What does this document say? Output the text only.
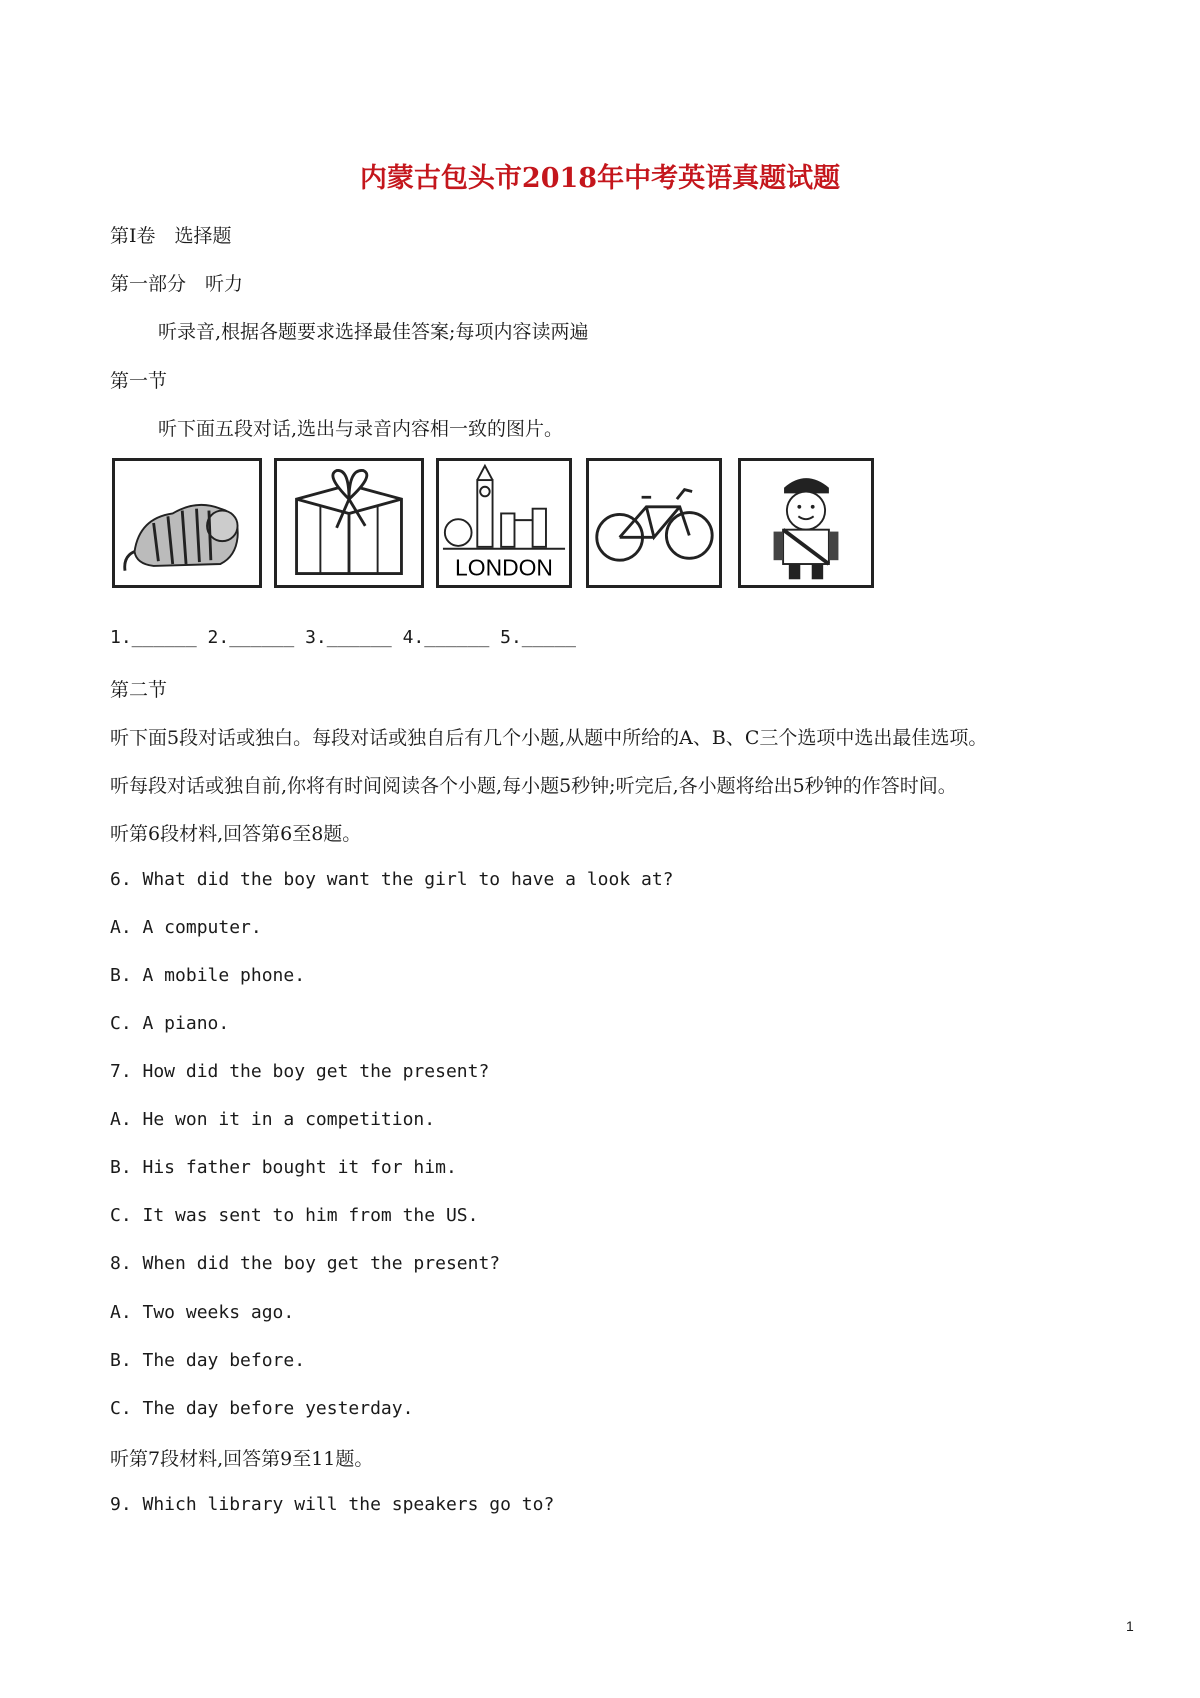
内蒙古包头市2018年中考英语真题试题
第Ⅰ卷　选择题
第一部分　听力
听录音,根据各题要求选择最佳答案;每项内容读两遍
第一节
听下面五段对话,选出与录音内容相一致的图片。
LONDON
1.______ 2.______ 3.______ 4.______ 5._____
第二节
听下面5段对话或独白。每段对话或独自后有几个小题,从题中所给的A、B、C三个选项中选出最佳选项。
听每段对话或独自前,你将有时间阅读各个小题,每小题5秒钟;听完后,各小题将给出5秒钟的作答时间。
听第6段材料,回答第6至8题。
6. What did the boy want the girl to have a look at?
A. A computer.
B. A mobile phone.
C. A piano.
7. How did the boy get the present?
A. He won it in a competition.
B. His father bought it for him.
C. It was sent to him from the US.
8. When did the boy get the present?
A. Two weeks ago.
B. The day before.
C. The day before yesterday.
听第7段材料,回答第9至11题。
9. Which library will the speakers go to?
1
